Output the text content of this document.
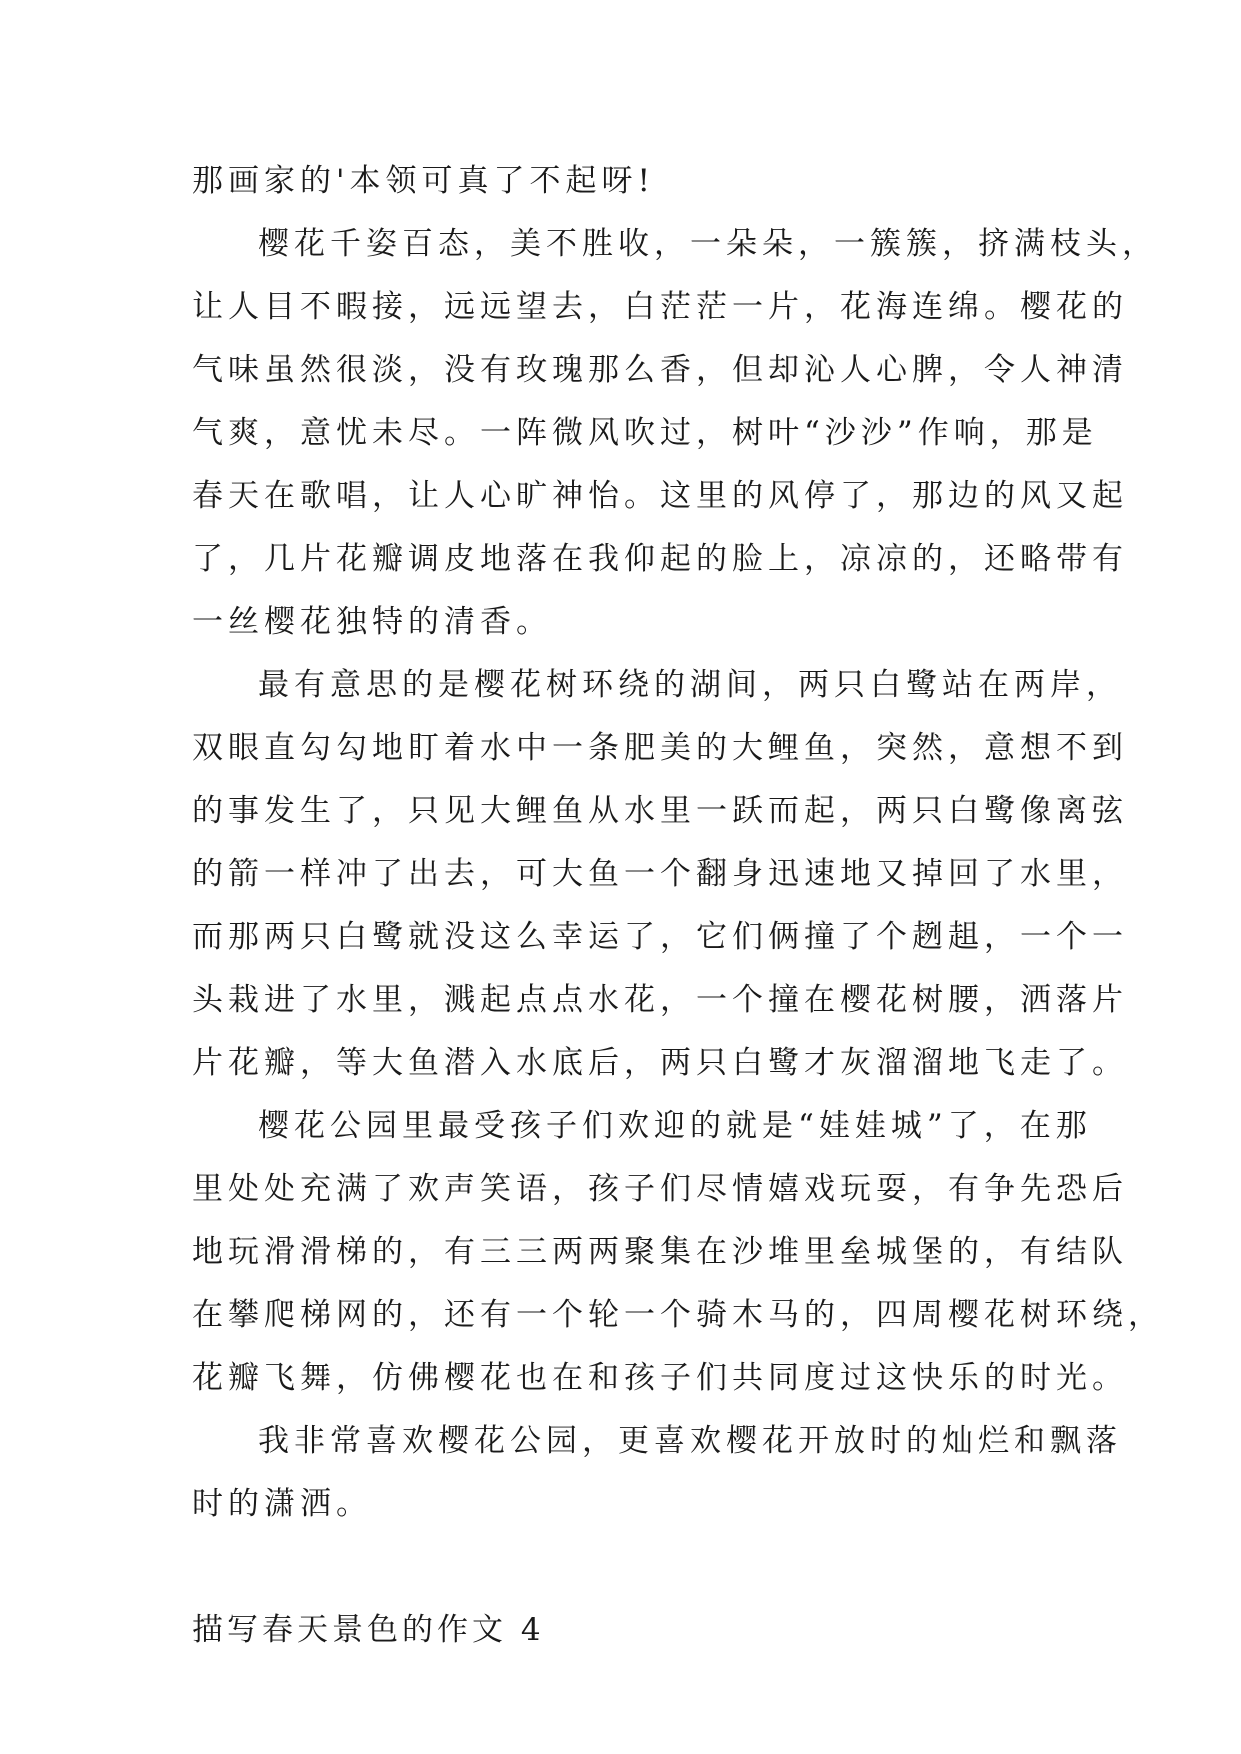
那画家的'本领可真了不起呀!
樱花千姿百态，美不胜收，一朵朵，一簇簇，挤满枝头，
让人目不暇接，远远望去，白茫茫一片，花海连绵。樱花的
气味虽然很淡，没有玫瑰那么香，但却沁人心脾，令人神清
气爽，意忧未尽。一阵微风吹过，树叶“沙沙”作响，那是
春天在歌唱，让人心旷神怡。这里的风停了，那边的风又起
了，几片花瓣调皮地落在我仰起的脸上，凉凉的，还略带有
一丝樱花独特的清香。
最有意思的是樱花树环绕的湖间，两只白鹭站在两岸，
双眼直勾勾地盯着水中一条肥美的大鲤鱼，突然，意想不到
的事发生了，只见大鲤鱼从水里一跃而起，两只白鹭像离弦
的箭一样冲了出去，可大鱼一个翻身迅速地又掉回了水里，
而那两只白鹭就没这么幸运了，它们俩撞了个趔趄，一个一
头栽进了水里，溅起点点水花，一个撞在樱花树腰，洒落片
片花瓣，等大鱼潜入水底后，两只白鹭才灰溜溜地飞走了。
樱花公园里最受孩子们欢迎的就是“娃娃城”了，在那
里处处充满了欢声笑语，孩子们尽情嬉戏玩耍，有争先恐后
地玩滑滑梯的，有三三两两聚集在沙堆里垒城堡的，有结队
在攀爬梯网的，还有一个轮一个骑木马的，四周樱花树环绕，
花瓣飞舞，仿佛樱花也在和孩子们共同度过这快乐的时光。
我非常喜欢樱花公园，更喜欢樱花开放时的灿烂和飘落
时的潇洒。
描写春天景色的作文 4
